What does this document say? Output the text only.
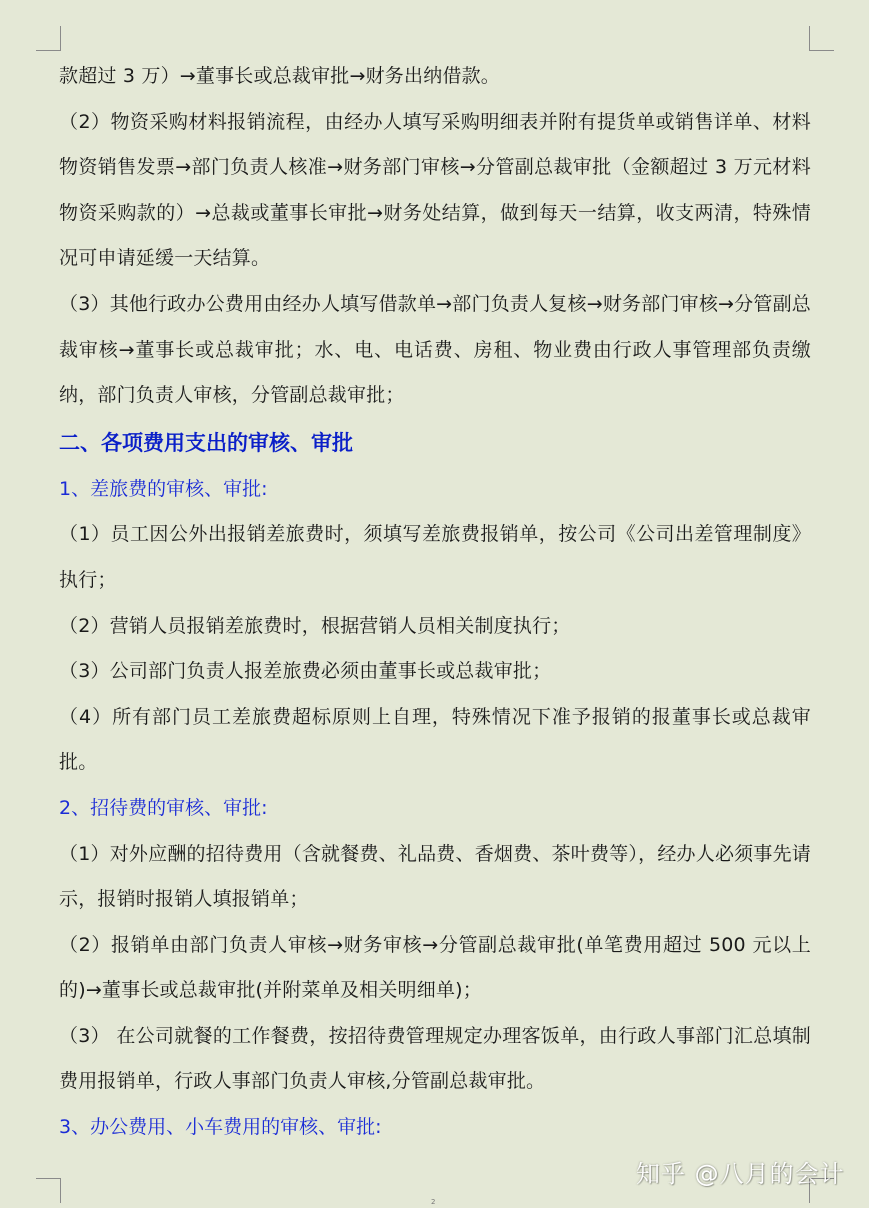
款超过 3 万）→董事长或总裁审批→财务出纳借款。

（2）物资采购材料报销流程，由经办人填写采购明细表并附有提货单或销售详单、材料物资销售发票→部门负责人核准→财务部门审核→分管副总裁审批（金额超过 3 万元材料物资采购款的）→总裁或董事长审批→财务处结算，做到每天一结算，收支两清，特殊情况可申请延缓一天结算。

（3）其他行政办公费用由经办人填写借款单→部门负责人复核→财务部门审核→分管副总裁审核→董事长或总裁审批；水、电、电话费、房租、物业费由行政人事管理部负责缴纳，部门负责人审核，分管副总裁审批；

二、各项费用支出的审核、审批

1、差旅费的审核、审批:

（1）员工因公外出报销差旅费时，须填写差旅费报销单，按公司《公司出差管理制度》执行；

（2）营销人员报销差旅费时，根据营销人员相关制度执行；

（3）公司部门负责人报差旅费必须由董事长或总裁审批；

（4）所有部门员工差旅费超标原则上自理，特殊情况下准予报销的报董事长或总裁审批。

2、招待费的审核、审批:

（1）对外应酬的招待费用（含就餐费、礼品费、香烟费、茶叶费等），经办人必须事先请示，报销时报销人填报销单；

（2）报销单由部门负责人审核→财务审核→分管副总裁审批(单笔费用超过 500 元以上的)→董事长或总裁审批(并附菜单及相关明细单)；

（3） 在公司就餐的工作餐费，按招待费管理规定办理客饭单，由行政人事部门汇总填制费用报销单，行政人事部门负责人审核,分管副总裁审批。

3、办公费用、小车费用的审核、审批:

知乎 @八月的会计
2
